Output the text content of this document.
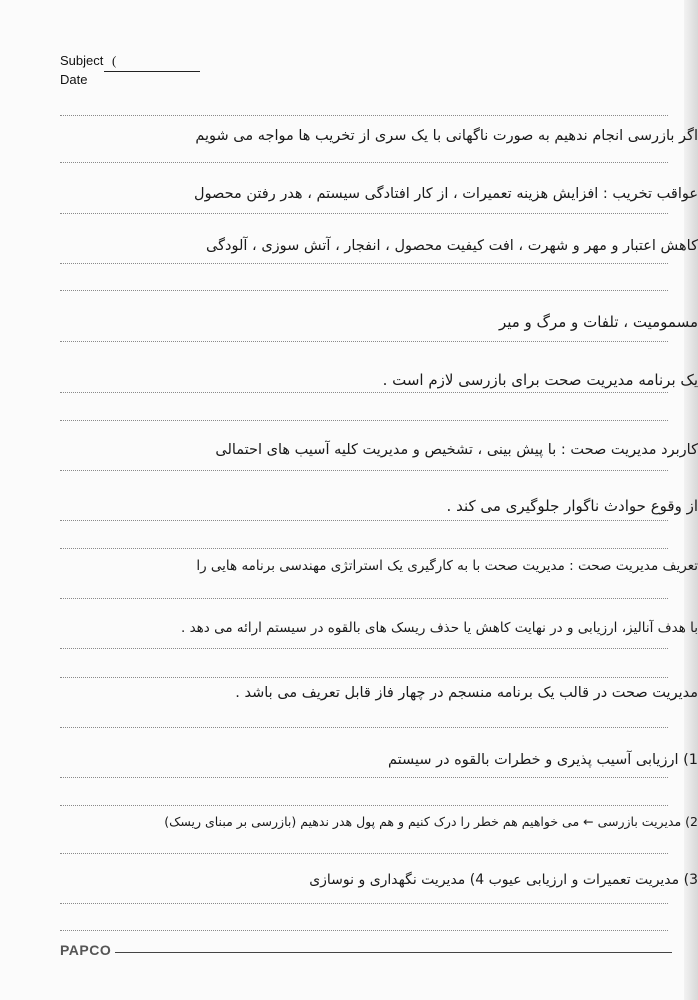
Subject (
Date
اگر بازرسی انجام ندهیم به صورت ناگهانی با یک سری از تخریب ها مواجه می شویم
عواقب تخریب : افزایش هزینه تعمیرات ، از کار افتادگی سیستم ، هدر رفتن محصول
کاهش اعتبار و مهر و شهرت ، افت کیفیت محصول ، انفجار ، آتش سوزی ، آلودگی
مسمومیت ، تلفات و مرگ و میر
یک برنامه مدیریت صحت برای بازرسی لازم است .
کاربرد مدیریت صحت : با پیش بینی ، تشخیص و مدیریت کلیه آسیب های احتمالی
از وقوع حوادث ناگوار جلوگیری می کند .
تعریف مدیریت صحت : مدیریت صحت با به کارگیری یک استراتژی مهندسی برنامه هایی را
با هدف آنالیز، ارزیابی و در نهایت کاهش یا حذف ریسک های بالقوه در سیستم ارائه می دهد .
مدیریت صحت در قالب یک برنامه منسجم در چهار فاز قابل تعریف می باشد .
1) ارزیابی آسیب پذیری و خطرات بالقوه در سیستم
2) مدیریت بازرسی ← می خواهیم هم خطر را درک کنیم و هم پول هدر ندهیم (بازرسی بر مبنای ریسک)
3) مدیریت تعمیرات و ارزیابی عیوب 4) مدیریت نگهداری و نوسازی
PAPCO
